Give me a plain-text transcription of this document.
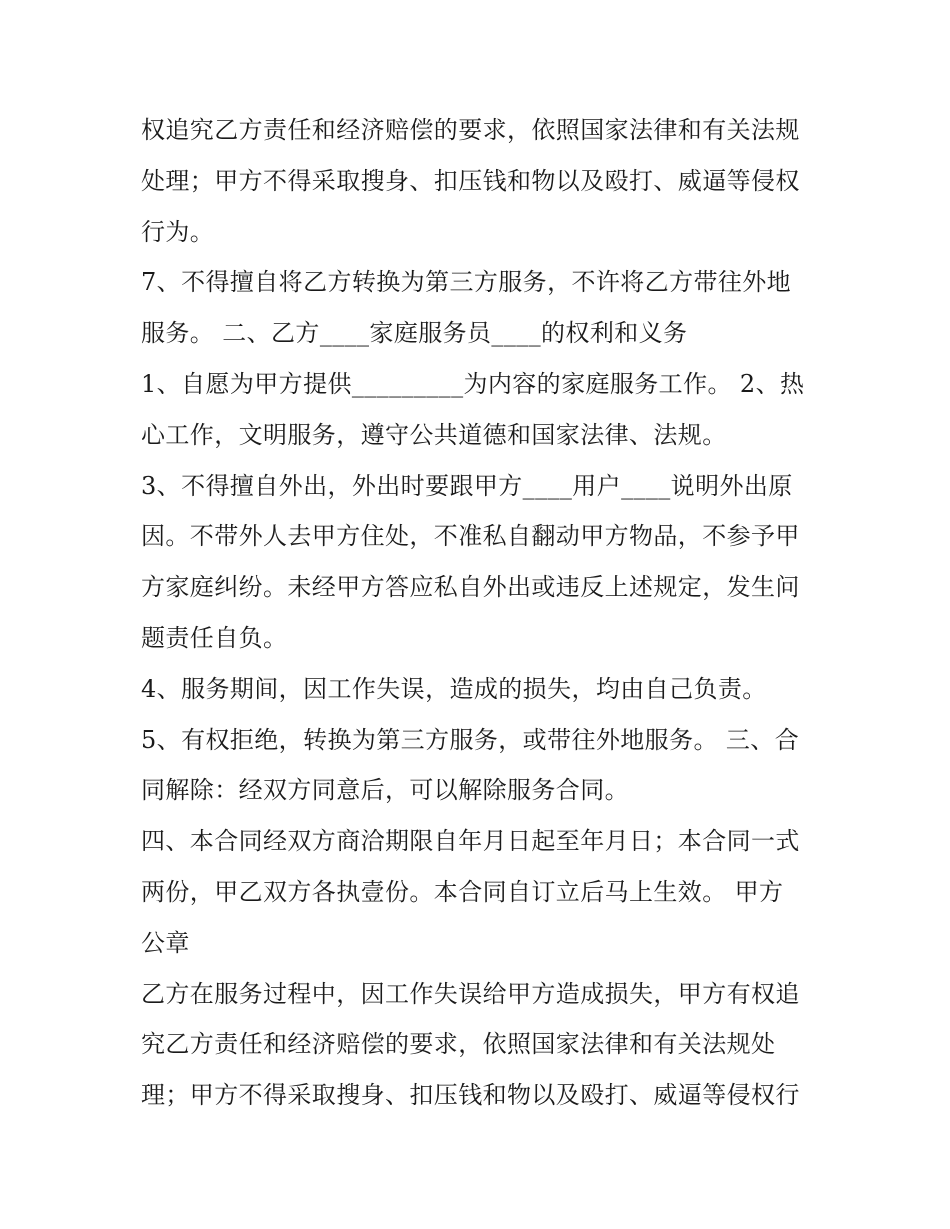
权追究乙方责任和经济赔偿的要求，依照国家法律和有关法规
处理；甲方不得采取搜身、扣压钱和物以及殴打、威逼等侵权
行为。
7、不得擅自将乙方转换为第三方服务，不许将乙方带往外地
服务。 二、乙方____家庭服务员____的权利和义务
1、自愿为甲方提供_________为内容的家庭服务工作。 2、热
心工作，文明服务，遵守公共道德和国家法律、法规。
3、不得擅自外出，外出时要跟甲方____用户____说明外出原
因。不带外人去甲方住处，不准私自翻动甲方物品，不参予甲
方家庭纠纷。未经甲方答应私自外出或违反上述规定，发生问
题责任自负。
4、服务期间，因工作失误，造成的损失，均由自己负责。
5、有权拒绝，转换为第三方服务，或带往外地服务。 三、合
同解除：经双方同意后，可以解除服务合同。
四、本合同经双方商洽期限自年月日起至年月日；本合同一式
两份，甲乙双方各执壹份。本合同自订立后马上生效。 甲方
公章
乙方在服务过程中，因工作失误给甲方造成损失，甲方有权追
究乙方责任和经济赔偿的要求，依照国家法律和有关法规处
理；甲方不得采取搜身、扣压钱和物以及殴打、威逼等侵权行
